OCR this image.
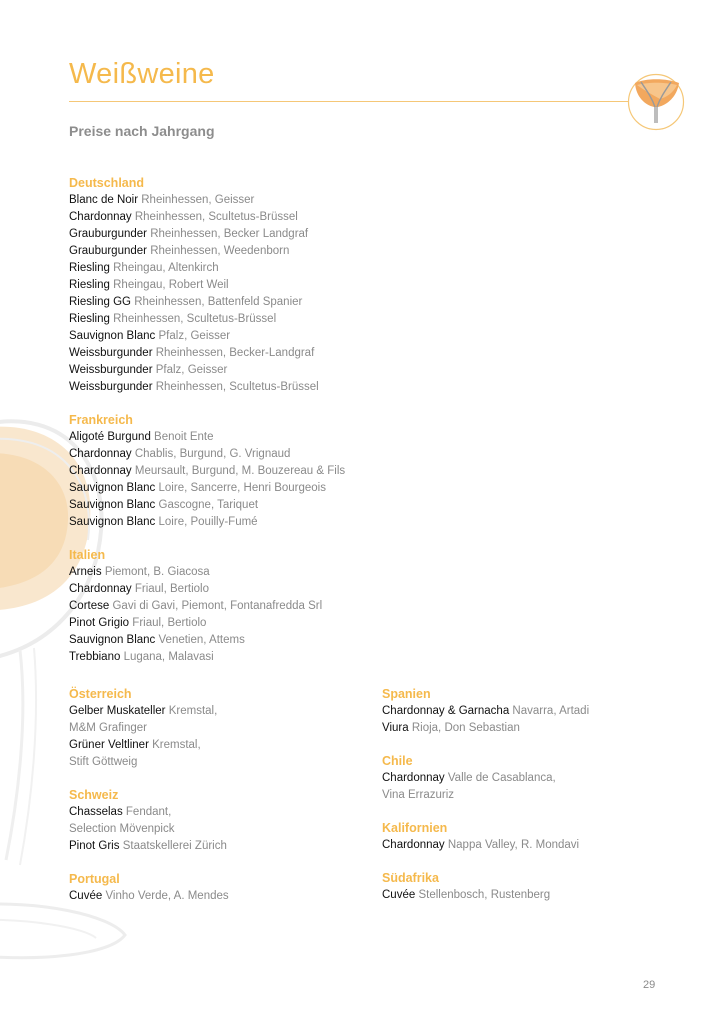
Weißweine
Preise nach Jahrgang
Deutschland
Blanc de Noir Rheinhessen, Geisser
Chardonnay Rheinhessen, Scultetus-Brüssel
Grauburgunder Rheinhessen, Becker Landgraf
Grauburgunder Rheinhessen, Weedenborn
Riesling Rheingau, Altenkirch
Riesling Rheingau, Robert Weil
Riesling GG Rheinhessen, Battenfeld Spanier
Riesling Rheinhessen, Scultetus-Brüssel
Sauvignon Blanc Pfalz, Geisser
Weissburgunder Rheinhessen, Becker-Landgraf
Weissburgunder Pfalz, Geisser
Weissburgunder Rheinhessen, Scultetus-Brüssel
Frankreich
Aligoté Burgund Benoit Ente
Chardonnay Chablis, Burgund, G. Vrignaud
Chardonnay Meursault, Burgund, M. Bouzereau & Fils
Sauvignon Blanc Loire, Sancerre, Henri Bourgeois
Sauvignon Blanc Gascogne, Tariquet
Sauvignon Blanc Loire, Pouilly-Fumé
Italien
Arneis Piemont, B. Giacosa
Chardonnay Friaul, Bertiolo
Cortese Gavi di Gavi, Piemont, Fontanafredda Srl
Pinot Grigio Friaul, Bertiolo
Sauvignon Blanc Venetien, Attems
Trebbiano Lugana, Malavasi
Österreich
Gelber Muskateller Kremstal,
M&M Grafinger
Grüner Veltliner Kremstal,
Stift Göttweig
Schweiz
Chasselas Fendant,
Selection Mövenpick
Pinot Gris Staatskellerei Zürich
Portugal
Cuvée Vinho Verde, A. Mendes
Spanien
Chardonnay & Garnacha Navarra, Artadi
Viura Rioja, Don Sebastian
Chile
Chardonnay Valle de Casablanca,
Vina Errazuriz
Kalifornien
Chardonnay Nappa Valley, R. Mondavi
Südafrika
Cuvée Stellenbosch, Rustenberg
29
